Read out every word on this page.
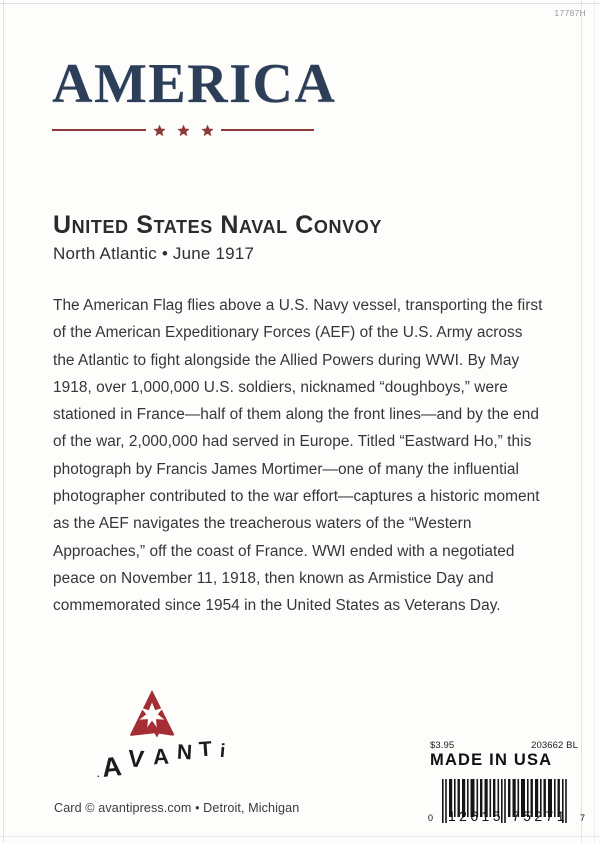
17787H
AMERICA
United States Naval Convoy
North Atlantic • June 1917
The American Flag flies above a U.S. Navy vessel, transporting the first of the American Expeditionary Forces (AEF) of the U.S. Army across the Atlantic to fight alongside the Allied Powers during WWI. By May 1918, over 1,000,000 U.S. soldiers, nicknamed “doughboys,” were stationed in France—half of them along the front lines—and by the end of the war, 2,000,000 had served in Europe. Titled “Eastward Ho,” this photograph by Francis James Mortimer—one of many the influential photographer contributed to the war effort—captures a historic moment as the AEF navigates the treacherous waters of the “Western Approaches,” off the coast of France. WWI ended with a negotiated peace on November 11, 1918, then known as Armistice Day and commemorated since 1954 in the United States as Veterans Day.
. A V A N T i
Card © avantipress.com • Detroit, Michigan
$3.95	203662 BL
MADE IN USA
0 12615 75271 7
